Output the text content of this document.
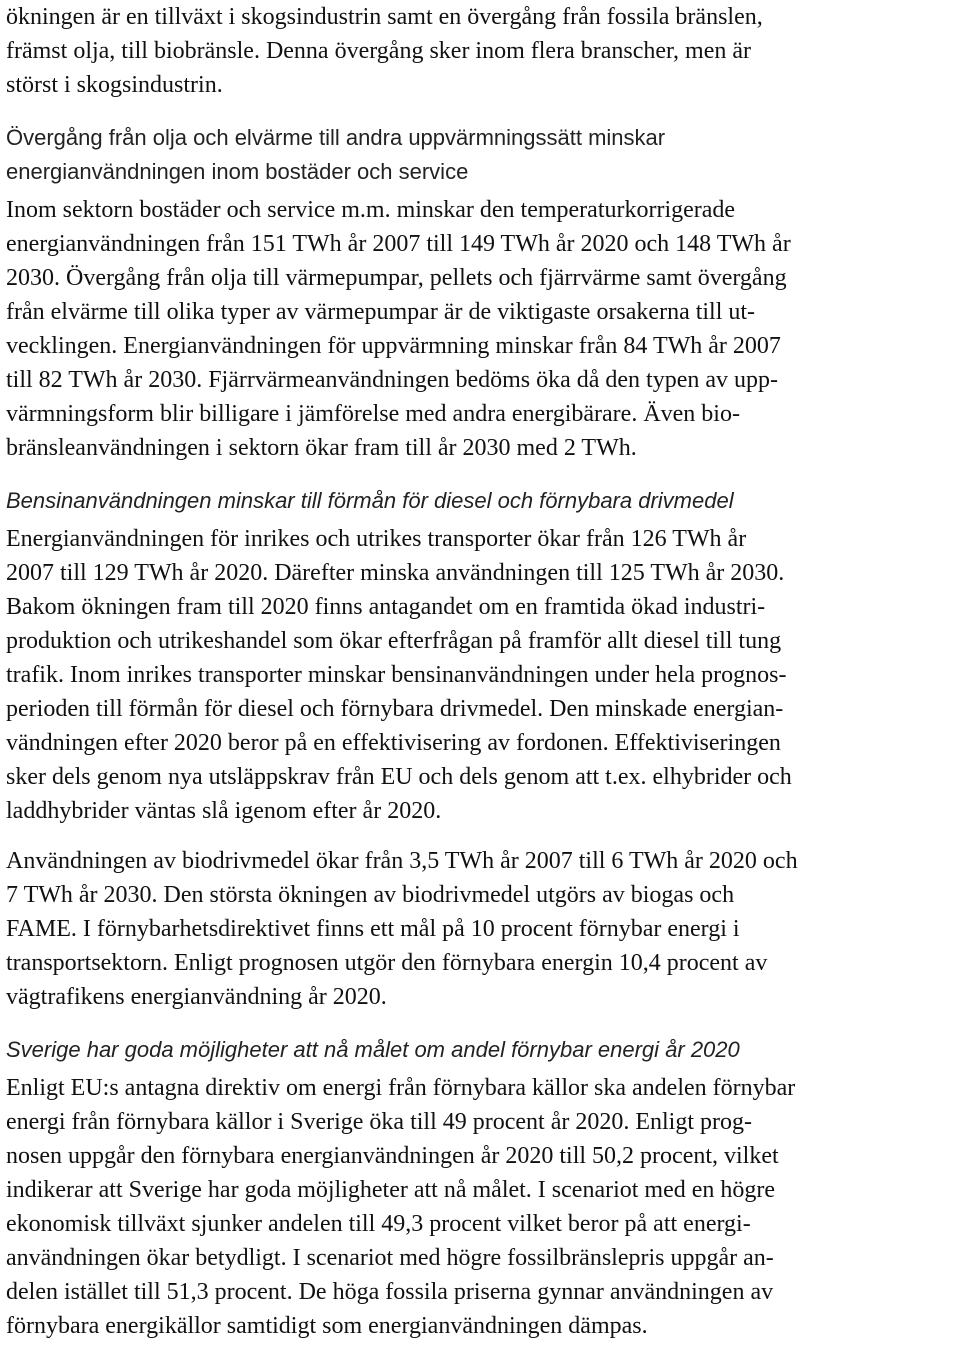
ökningen är en tillväxt i skogsindustrin samt en övergång från fossila bränslen,

främst olja, till biobränsle. Denna övergång sker inom flera branscher, men är

störst i skogsindustrin.

Övergång från olja och elvärme till andra uppvärmningssätt minskar

energianvändningen inom bostäder och service

Inom sektorn bostäder och service m.m. minskar den temperaturkorrigerade

energianvändningen från 151 TWh år 2007 till 149 TWh år 2020 och 148 TWh år

2030. Övergång från olja till värmepumpar, pellets och fjärrvärme samt övergång

från elvärme till olika typer av värmepumpar är de viktigaste orsakerna till ut-

vecklingen. Energianvändningen för uppvärmning minskar från 84 TWh år 2007

till 82 TWh år 2030. Fjärrvärmeanvändningen bedöms öka då den typen av upp-

värmningsform blir billigare i jämförelse med andra energibärare. Även bio-

bränsleanvändningen i sektorn ökar fram till år 2030 med 2 TWh.

Bensinanvändningen minskar till förmån för diesel och förnybara drivmedel

Energianvändningen för inrikes och utrikes transporter ökar från 126 TWh år

2007 till 129 TWh år 2020. Därefter minska användningen till 125 TWh år 2030.

Bakom ökningen fram till 2020 finns antagandet om en framtida ökad industri-

produktion och utrikeshandel som ökar efterfrågan på framför allt diesel till tung

trafik. Inom inrikes transporter minskar bensinanvändningen under hela prognos-

perioden till förmån för diesel och förnybara drivmedel. Den minskade energian-

vändningen efter 2020 beror på en effektivisering av fordonen. Effektiviseringen

sker dels genom nya utsläppskrav från EU och dels genom att t.ex. elhybrider och

laddhybrider väntas slå igenom efter år 2020.

Användningen av biodrivmedel ökar från 3,5 TWh år 2007 till 6 TWh år 2020 och

7 TWh år 2030. Den största ökningen av biodrivmedel utgörs av biogas och

FAME. I förnybarhetsdirektivet finns ett mål på 10 procent förnybar energi i

transportsektorn. Enligt prognosen utgör den förnybara energin 10,4 procent av

vägtrafikens energianvändning år 2020.

Sverige har goda möjligheter att nå målet om andel förnybar energi år 2020

Enligt EU:s antagna direktiv om energi från förnybara källor ska andelen förnybar

energi från förnybara källor i Sverige öka till 49 procent år 2020. Enligt prog-

nosen uppgår den förnybara energianvändningen år 2020 till 50,2 procent, vilket

indikerar att Sverige har goda möjligheter att nå målet. I scenariot med en högre

ekonomisk tillväxt sjunker andelen till 49,3 procent vilket beror på att energi-

användningen ökar betydligt. I scenariot med högre fossilbränslepris uppgår an-

delen istället till 51,3 procent. De höga fossila priserna gynnar användningen av

förnybara energikällor samtidigt som energianvändningen dämpas.
